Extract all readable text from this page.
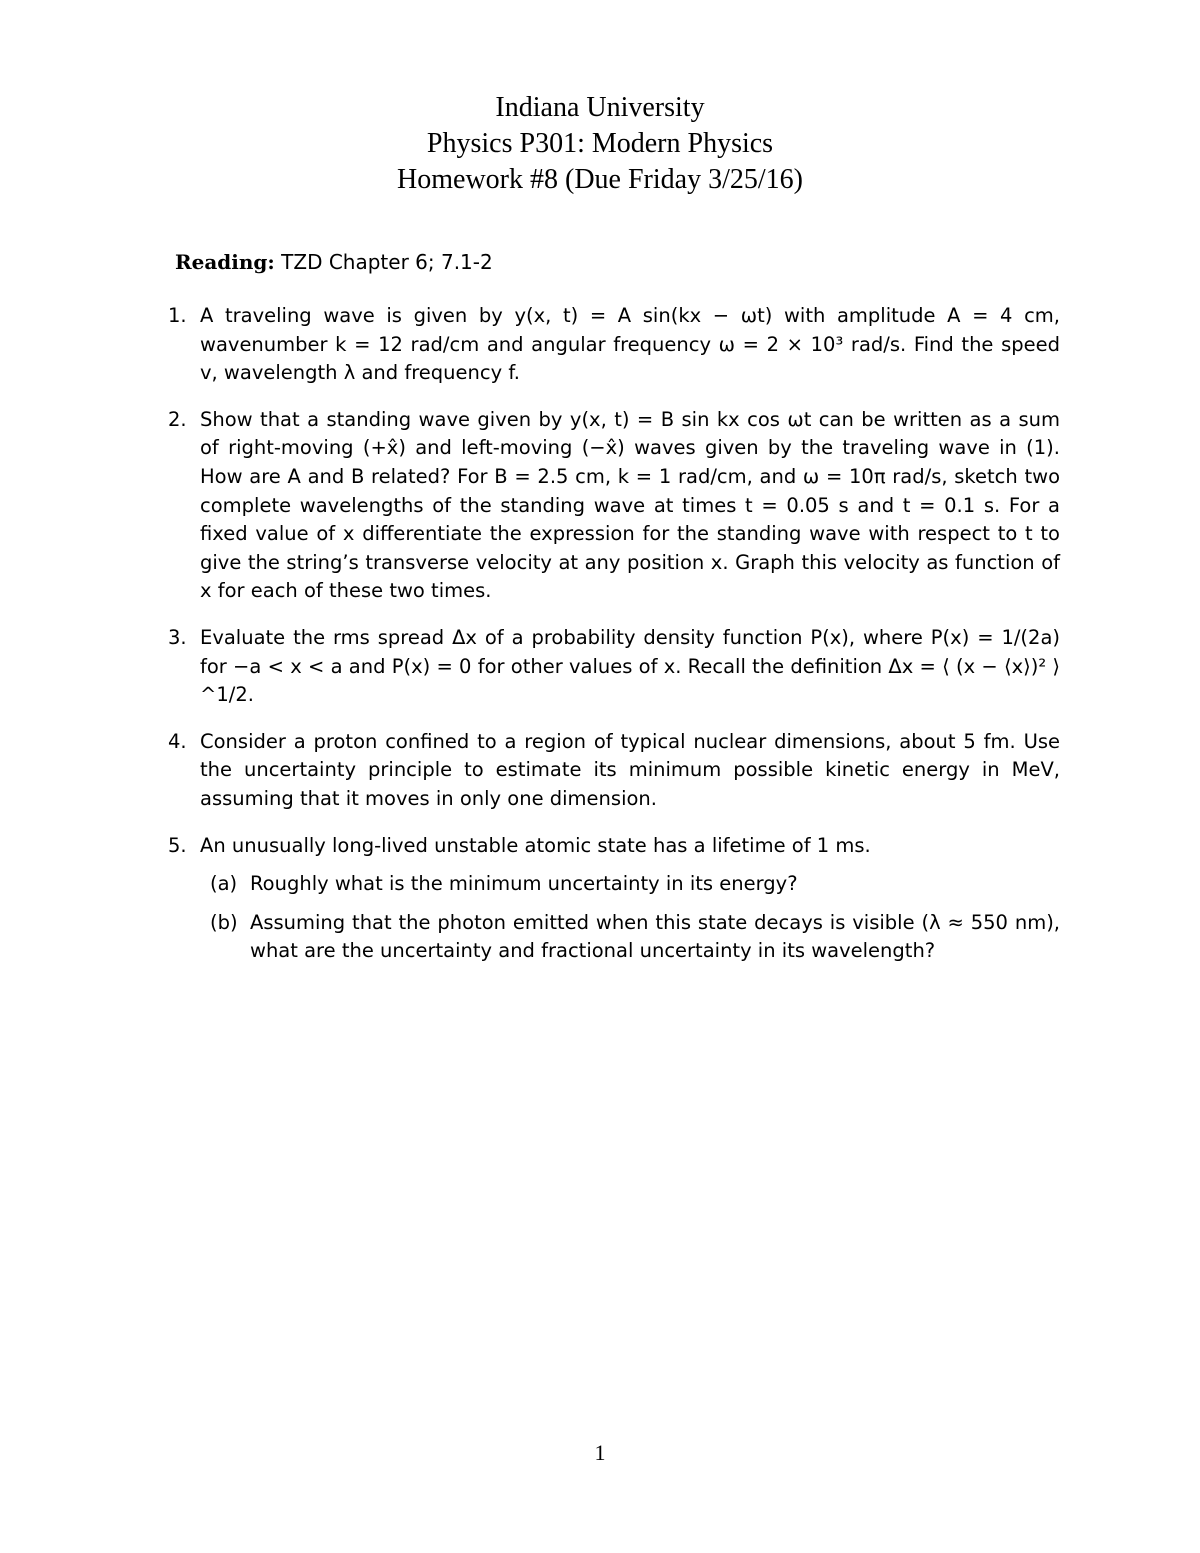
Indiana University
Physics P301: Modern Physics
Homework #8 (Due Friday 3/25/16)
Reading: TZD Chapter 6; 7.1-2
1. A traveling wave is given by y(x, t) = A sin(kx − ωt) with amplitude A = 4 cm, wavenumber k = 12 rad/cm and angular frequency ω = 2 × 10³ rad/s. Find the speed v, wavelength λ and frequency f.
2. Show that a standing wave given by y(x, t) = B sin kx cos ωt can be written as a sum of right-moving (+x̂) and left-moving (−x̂) waves given by the traveling wave in (1). How are A and B related? For B = 2.5 cm, k = 1 rad/cm, and ω = 10π rad/s, sketch two complete wavelengths of the standing wave at times t = 0.05 s and t = 0.1 s. For a fixed value of x differentiate the expression for the standing wave with respect to t to give the string’s transverse velocity at any position x. Graph this velocity as function of x for each of these two times.
3. Evaluate the rms spread Δx of a probability density function P(x), where P(x) = 1/(2a) for −a < x < a and P(x) = 0 for other values of x. Recall the definition Δx = ⟨ (x − ⟨x⟩)² ⟩^1/2.
4. Consider a proton confined to a region of typical nuclear dimensions, about 5 fm. Use the uncertainty principle to estimate its minimum possible kinetic energy in MeV, assuming that it moves in only one dimension.
5. An unusually long-lived unstable atomic state has a lifetime of 1 ms.
(a) Roughly what is the minimum uncertainty in its energy?
(b) Assuming that the photon emitted when this state decays is visible (λ ≈ 550 nm), what are the uncertainty and fractional uncertainty in its wavelength?
1
